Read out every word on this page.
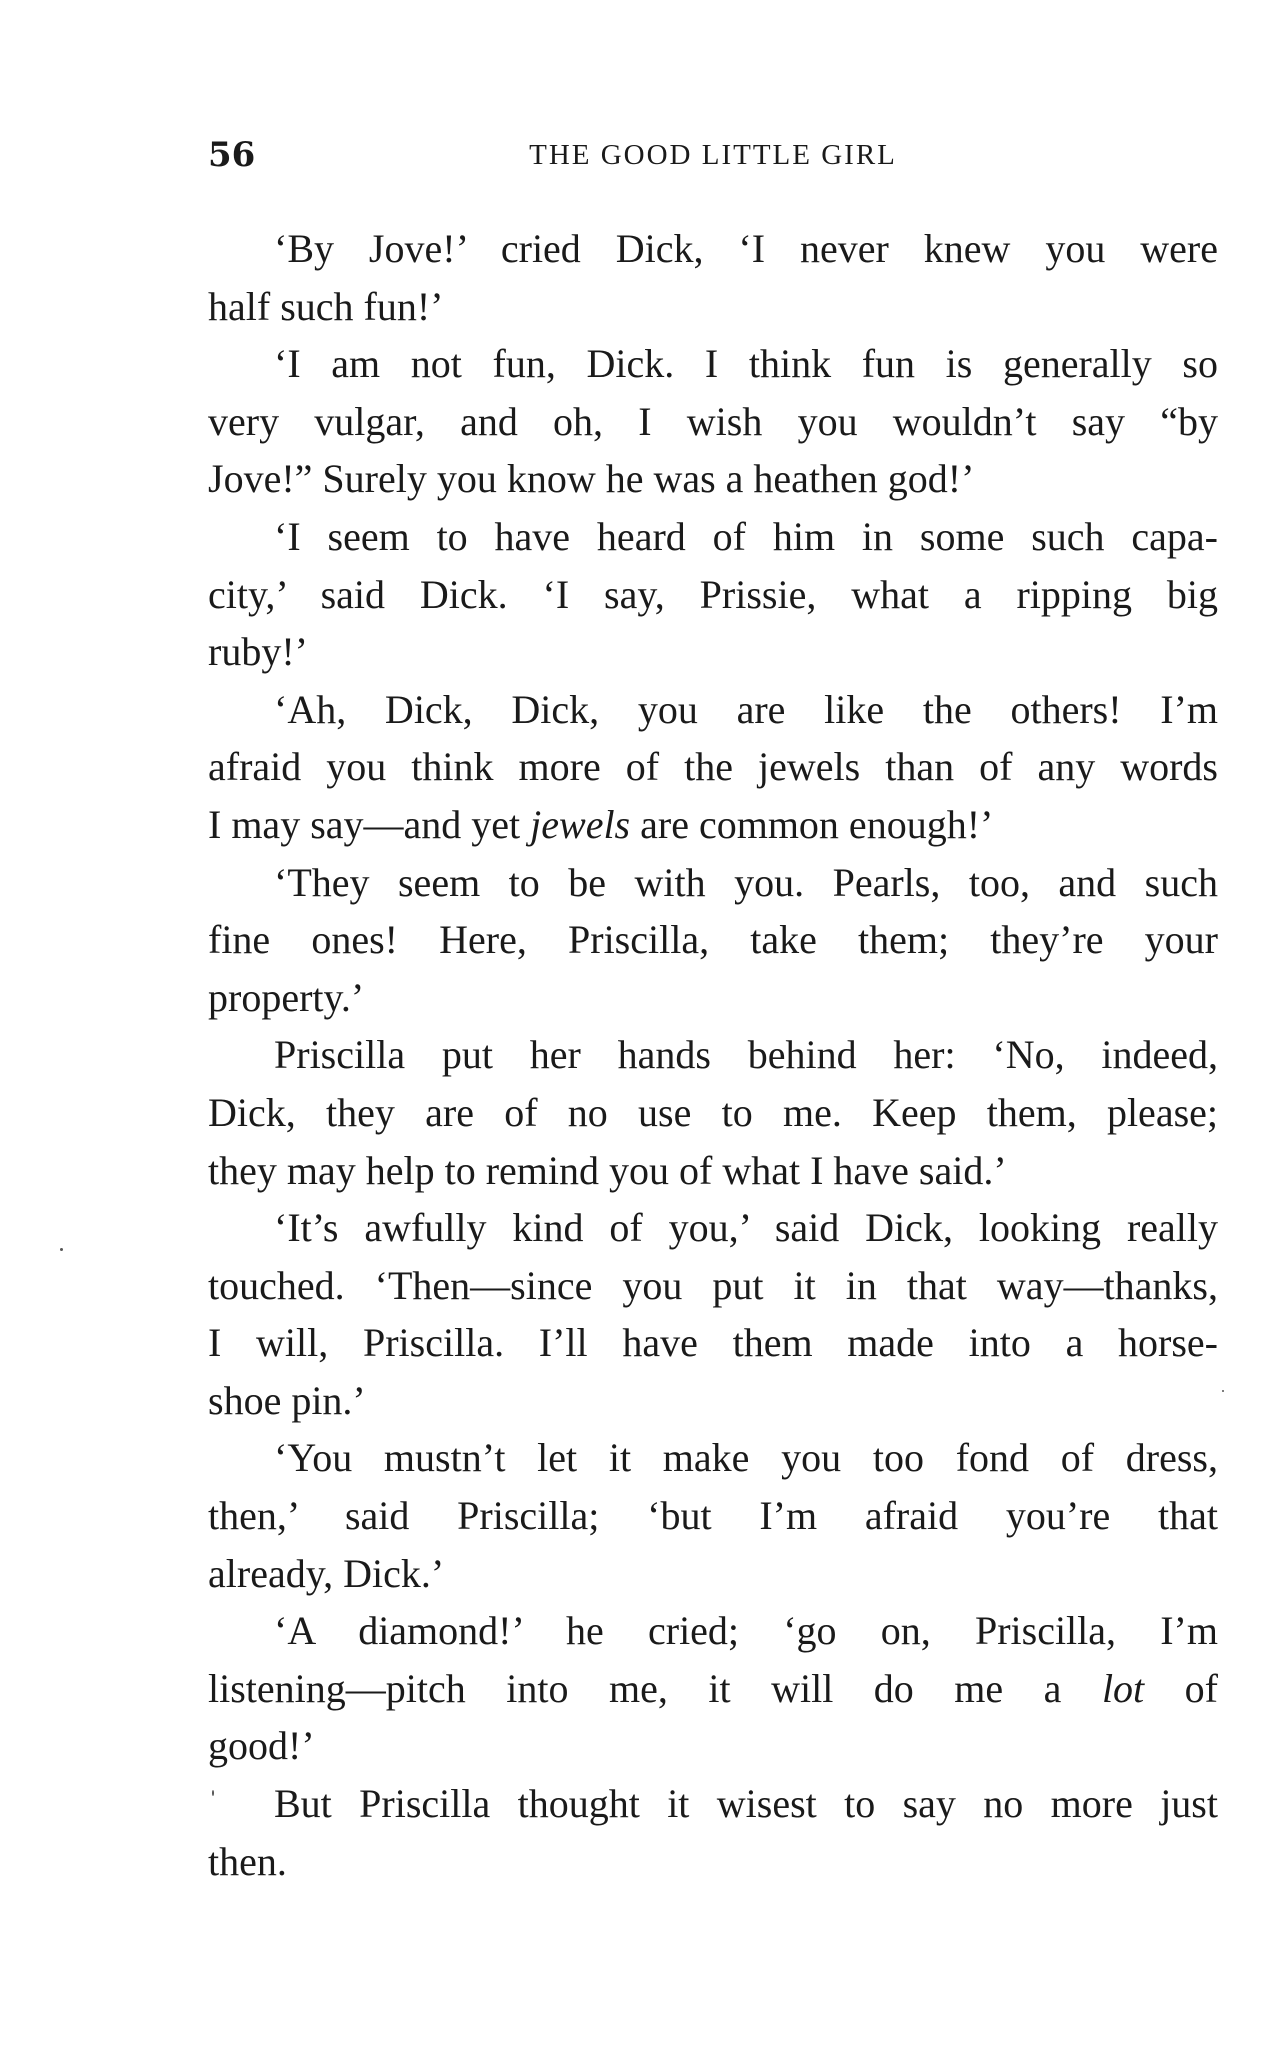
56	THE GOOD LITTLE GIRL
‘By Jove!’ cried Dick, ‘I never knew you were
half such fun!’
‘I am not fun, Dick. I think fun is generally so
very vulgar, and oh, I wish you wouldn’t say “by
Jove!” Surely you know he was a heathen god!’
‘I seem to have heard of him in some such capa-
city,’ said Dick. ‘I say, Prissie, what a ripping big
ruby!’
‘Ah, Dick, Dick, you are like the others! I’m
afraid you think more of the jewels than of any words
I may say—and yet jewels are common enough!’
‘They seem to be with you. Pearls, too, and such
fine ones! Here, Priscilla, take them; they’re your
property.’
Priscilla put her hands behind her: ‘No, indeed,
Dick, they are of no use to me. Keep them, please;
they may help to remind you of what I have said.’
‘It’s awfully kind of you,’ said Dick, looking really
touched. ‘Then—since you put it in that way—thanks,
I will, Priscilla. I’ll have them made into a horse-
shoe pin.’
‘You mustn’t let it make you too fond of dress,
then,’ said Priscilla; ‘but I’m afraid you’re that
already, Dick.’
‘A diamond!’ he cried; ‘go on, Priscilla, I’m
listening—pitch into me, it will do me a lot of
good!’
But Priscilla thought it wisest to say no more just
then.
